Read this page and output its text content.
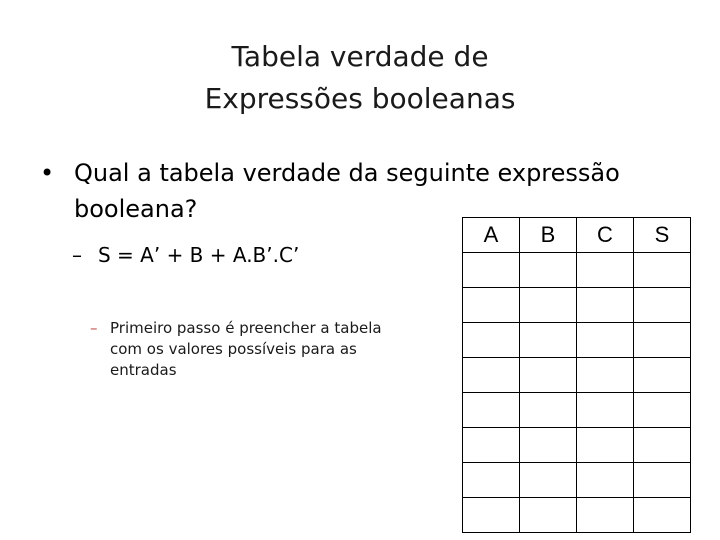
Tabela verdade de
Expressões booleanas
• Qual a tabela verdade da seguinte expressão booleana?
– S = A’ + B + A.B’.C’
– Primeiro passo é preencher a tabela com os valores possíveis para as entradas
A	B	C	S
